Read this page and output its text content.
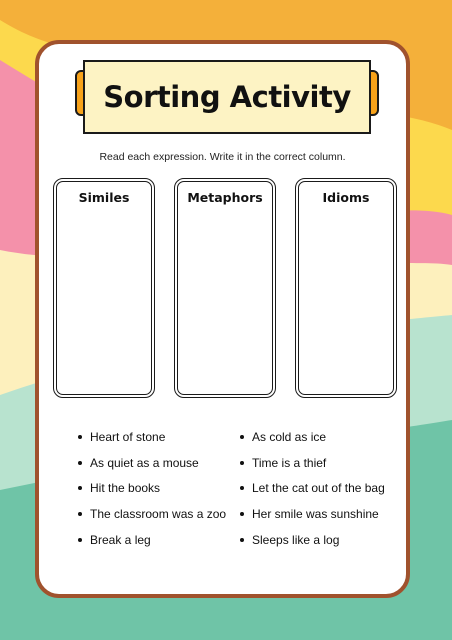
Sorting Activity
Read each expression. Write it in the correct column.
Similes	Metaphors	Idioms
Heart of stone
As quiet as a mouse
Hit the books
The classroom was a zoo
Break a leg
As cold as ice
Time is a thief
Let the cat out of the bag
Her smile was sunshine
Sleeps like a log
